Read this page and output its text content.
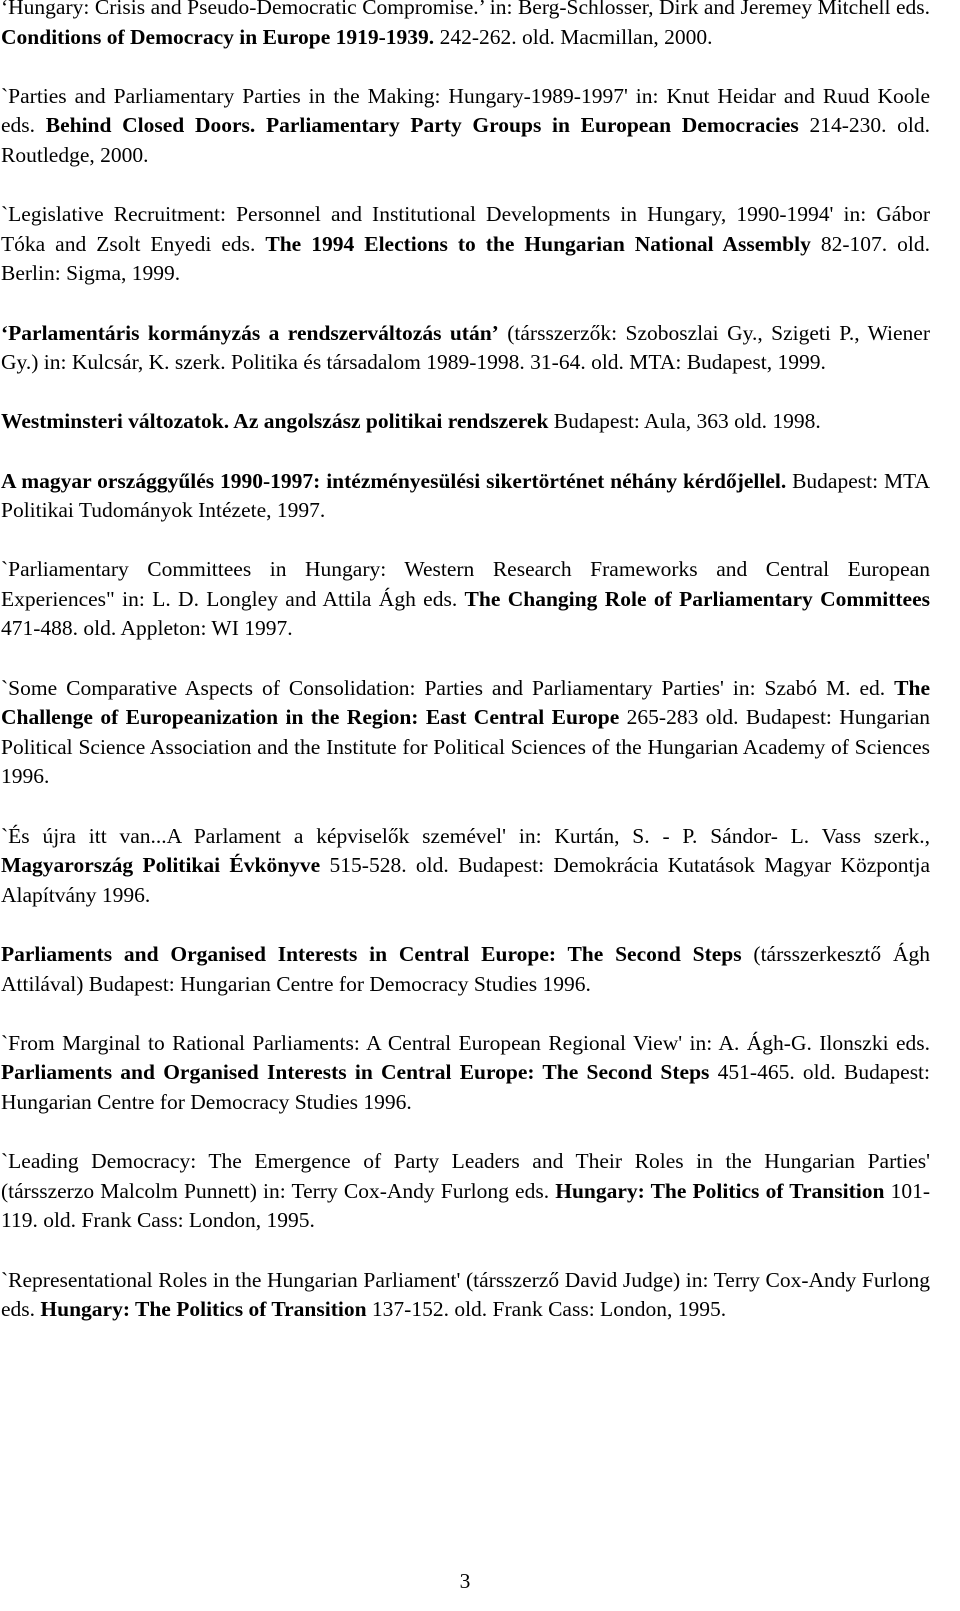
‘Hungary: Crisis and Pseudo-Democratic Compromise.’ in: Berg-Schlosser, Dirk and Jeremey Mitchell eds. Conditions of Democracy in Europe 1919-1939. 242-262. old. Macmillan, 2000.

`Parties and Parliamentary Parties in the Making: Hungary-1989-1997' in: Knut Heidar and Ruud Koole eds. Behind Closed Doors. Parliamentary Party Groups in European Democracies 214-230. old. Routledge, 2000.

`Legislative Recruitment: Personnel and Institutional Developments in Hungary, 1990-1994' in: Gábor Tóka and Zsolt Enyedi eds. The 1994 Elections to the Hungarian National Assembly 82-107. old. Berlin: Sigma, 1999.

‘Parlamentáris kormányzás a rendszerváltozás után’ (társszerzők: Szoboszlai Gy., Szigeti P., Wiener Gy.) in: Kulcsár, K. szerk. Politika és társadalom 1989-1998. 31-64. old. MTA: Budapest, 1999.

Westminsteri változatok. Az angolszász politikai rendszerek Budapest: Aula, 363 old. 1998.

A magyar országgyűlés 1990-1997: intézményesülési sikertörténet néhány kérdőjellel. Budapest: MTA Politikai Tudományok Intézete, 1997.

`Parliamentary Committees in Hungary: Western Research Frameworks and Central European Experiences" in: L. D. Longley and Attila Ágh eds. The Changing Role of Parliamentary Committees 471-488. old. Appleton: WI 1997.

`Some Comparative Aspects of Consolidation: Parties and Parliamentary Parties' in: Szabó M. ed. The Challenge of Europeanization in the Region: East Central Europe 265-283 old. Budapest: Hungarian Political Science Association and the Institute for Political Sciences of the Hungarian Academy of Sciences 1996.

`És újra itt van...A Parlament a képviselők szemével' in: Kurtán, S. - P. Sándor- L. Vass szerk., Magyarország Politikai Évkönyve 515-528. old. Budapest: Demokrácia Kutatások Magyar Központja Alapítvány 1996.

Parliaments and Organised Interests in Central Europe: The Second Steps (társszerkesztő Ágh Attilával) Budapest: Hungarian Centre for Democracy Studies 1996.

`From Marginal to Rational Parliaments: A Central European Regional View' in: A. Ágh-G. Ilonszki eds. Parliaments and Organised Interests in Central Europe: The Second Steps 451-465. old. Budapest: Hungarian Centre for Democracy Studies 1996.

`Leading Democracy: The Emergence of Party Leaders and Their Roles in the Hungarian Parties' (társszerzo Malcolm Punnett) in: Terry Cox-Andy Furlong eds. Hungary: The Politics of Transition 101-119. old. Frank Cass: London, 1995.

`Representational Roles in the Hungarian Parliament' (társszerző David Judge) in: Terry Cox-Andy Furlong eds. Hungary: The Politics of Transition 137-152. old. Frank Cass: London, 1995.

3
